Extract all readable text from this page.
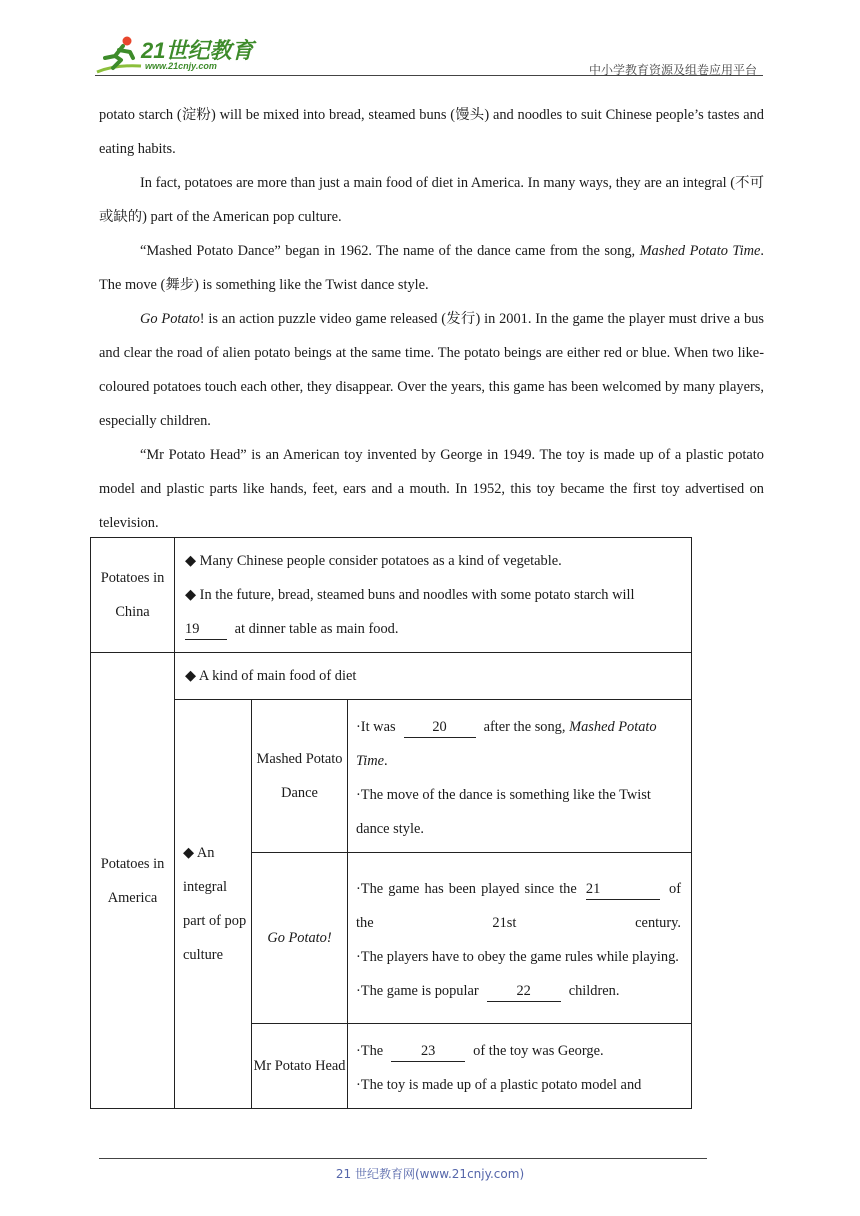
21世纪教育
www.21cnjy.com	中小学教育资源及组卷应用平台

potato starch (淀粉) will be mixed into bread, steamed buns (馒头) and noodles to suit Chinese people’s tastes and eating habits.

In fact, potatoes are more than just a main food of diet in America. In many ways, they are an integral (不可或缺的) part of the American pop culture.

“Mashed Potato Dance” began in 1962. The name of the dance came from the song, Mashed Potato Time. The move (舞步) is something like the Twist dance style.

Go Potato! is an action puzzle video game released (发行) in 2001. In the game the player must drive a bus and clear the road of alien potato beings at the same time. The potato beings are either red or blue. When two like-coloured potatoes touch each other, they disappear. Over the years, this game has been welcomed by many players, especially children.

“Mr Potato Head” is an American toy invented by George in 1949. The toy is made up of a plastic potato model and plastic parts like hands, feet, ears and a mouth. In 1952, this toy became the first toy advertised on television.

Potatoes in China	◆ Many Chinese people consider potatoes as a kind of vegetable.
◆ In the future, bread, steamed buns and noodles with some potato starch will
19 at dinner table as main food.		

Potatoes in America	◆ A kind of main food of diet		
	◆ An integral part of pop culture	Mashed Potato Dance	·It was 20 after the song, Mashed Potato Time.
·The move of the dance is something like the Twist dance style.

		Go Potato!	·The game has been played since the 21 of the 21st century.
·The players have to obey the game rules while playing.
·The game is popular 22 children.

		Mr Potato Head	·The 23 of the toy was George.
·The toy is made up of a plastic potato model and
21 世纪教育网(www.21cnjy.com)
